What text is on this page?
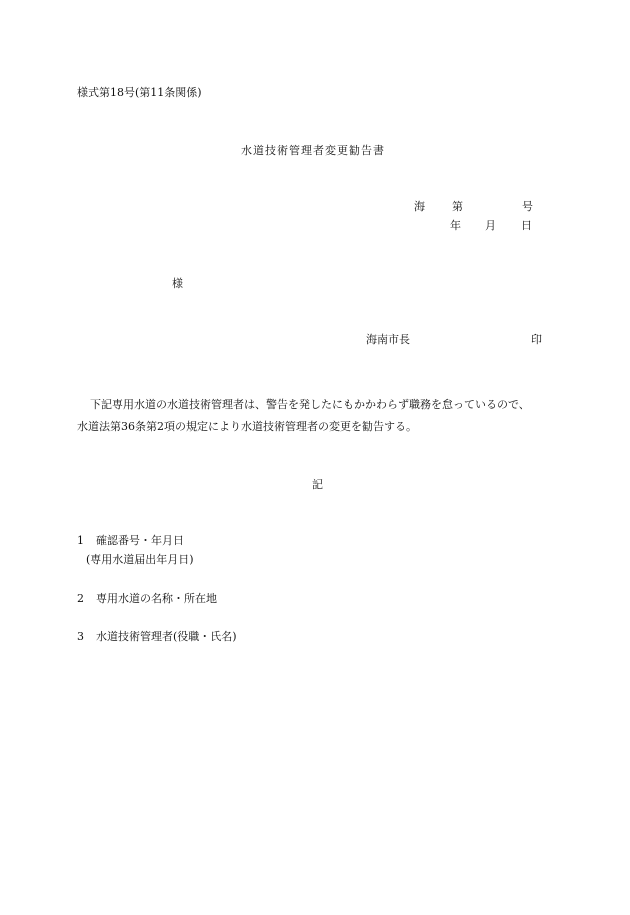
様式第18号(第11条関係)
水道技術管理者変更勧告書
海 第	号
年 月 日
様
海南市長	印
下記専用水道の水道技術管理者は、警告を発したにもかかわらず職務を怠っているので、
水道法第36条第2項の規定により水道技術管理者の変更を勧告する。
記
1 確認番号・年月日
(専用水道届出年月日)
2 専用水道の名称・所在地
3 水道技術管理者(役職・氏名)
